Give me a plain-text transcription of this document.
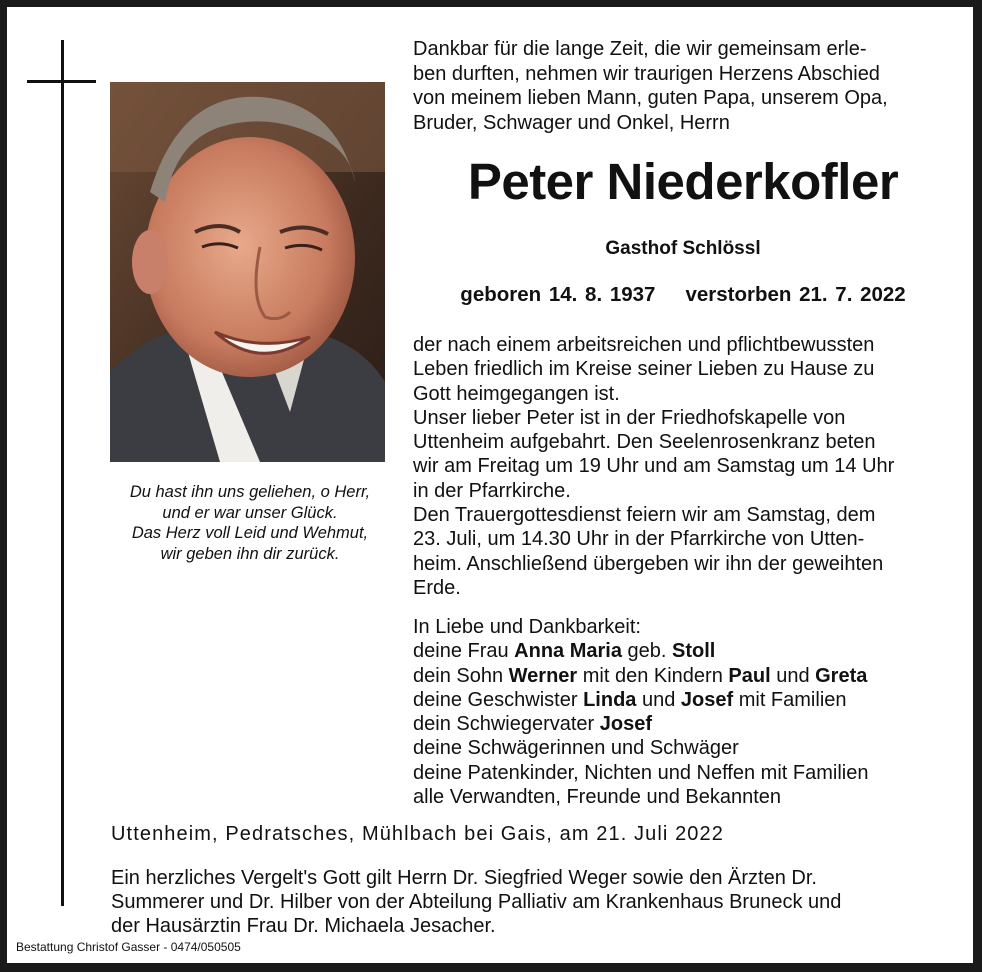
Du hast ihn uns geliehen, o Herr,
und er war unser Glück.
Das Herz voll Leid und Wehmut,
wir geben ihn dir zurück.
Dankbar für die lange Zeit, die wir gemeinsam erle-
ben durften, nehmen wir traurigen Herzens Abschied
von meinem lieben Mann, guten Papa, unserem Opa,
Bruder, Schwager und Onkel, Herrn
Peter Niederkofler
Gasthof Schlössl
geboren 14. 8. 1937 verstorben 21. 7. 2022
der nach einem arbeitsreichen und pflichtbewussten
Leben friedlich im Kreise seiner Lieben zu Hause zu
Gott heimgegangen ist.
Unser lieber Peter ist in der Friedhofskapelle von
Uttenheim aufgebahrt. Den Seelenrosenkranz beten
wir am Freitag um 19 Uhr und am Samstag um 14 Uhr
in der Pfarrkirche.
Den Trauergottesdienst feiern wir am Samstag, dem
23. Juli, um 14.30 Uhr in der Pfarrkirche von Utten-
heim. Anschließend übergeben wir ihn der geweihten
Erde.
In Liebe und Dankbarkeit:
deine Frau Anna Maria geb. Stoll
dein Sohn Werner mit den Kindern Paul und Greta
deine Geschwister Linda und Josef mit Familien
dein Schwiegervater Josef
deine Schwägerinnen und Schwäger
deine Patenkinder, Nichten und Neffen mit Familien
alle Verwandten, Freunde und Bekannten
Uttenheim, Pedratsches, Mühlbach bei Gais, am 21. Juli 2022
Ein herzliches Vergelt's Gott gilt Herrn Dr. Siegfried Weger sowie den Ärzten Dr.
Summerer und Dr. Hilber von der Abteilung Palliativ am Krankenhaus Bruneck und
der Hausärztin Frau Dr. Michaela Jesacher.
Bestattung Christof Gasser - 0474/050505
